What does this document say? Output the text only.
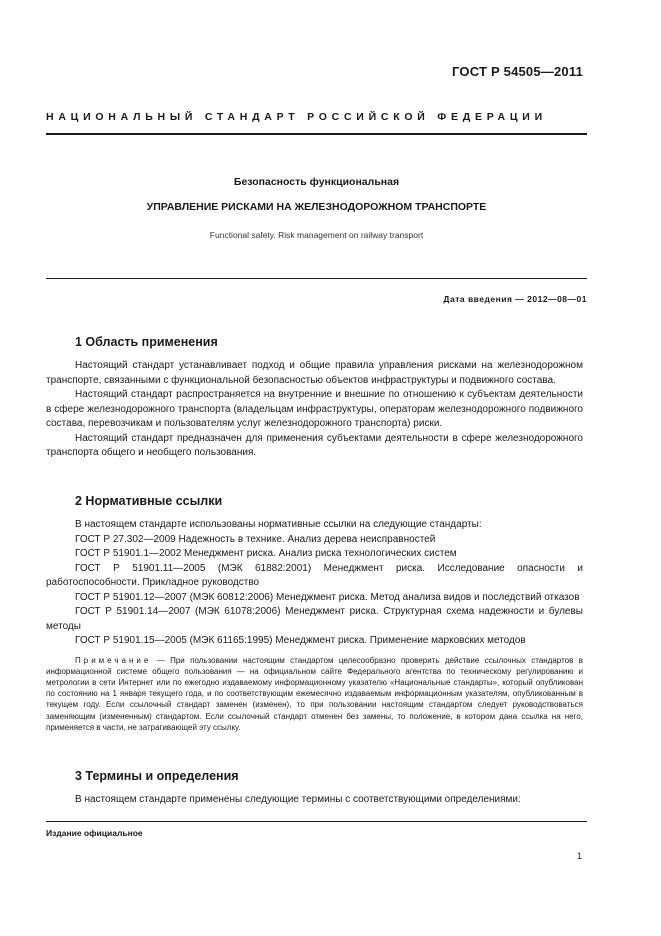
ГОСТ Р 54505—2011
НАЦИОНАЛЬНЫЙ СТАНДАРТ РОССИЙСКОЙ ФЕДЕРАЦИИ
Безопасность функциональная
УПРАВЛЕНИЕ РИСКАМИ НА ЖЕЛЕЗНОДОРОЖНОМ ТРАНСПОРТЕ
Functional safety. Risk management on railway transport
Дата введения — 2012—08—01
1 Область применения

Настоящий стандарт устанавливает подход и общие правила управления рисками на железнодорожном транспорте, связанными с функциональной безопасностью объектов инфраструктуры и подвижного состава.

Настоящий стандарт распространяется на внутренние и внешние по отношению к субъектам деятельности в сфере железнодорожного транспорта (владельцам инфраструктуры, операторам железнодорожного подвижного состава, перевозчикам и пользователям услуг железнодорожного транспорта) риски.

Настоящий стандарт предназначен для применения субъектами деятельности в сфере железнодорожного транспорта общего и необщего пользования.

2 Нормативные ссылки

В настоящем стандарте использованы нормативные ссылки на следующие стандарты:

ГОСТ Р 27.302—2009 Надежность в технике. Анализ дерева неисправностей

ГОСТ Р 51901.1—2002 Менеджмент риска. Анализ риска технологических систем

ГОСТ Р 51901.11—2005 (МЭК 61882:2001) Менеджмент риска. Исследование опасности и работоспособности. Прикладное руководство

ГОСТ Р 51901.12—2007 (МЭК 60812:2006) Менеджмент риска. Метод анализа видов и последствий отказов

ГОСТ Р 51901.14—2007 (МЭК 61078:2006) Менеджмент риска. Структурная схема надежности и булевы методы

ГОСТ Р 51901.15—2005 (МЭК 61165:1995) Менеджмент риска. Применение марковских методов

Примечание — При пользовании настоящим стандартом целесообразно проверить действие ссылочных стандартов в информационной системе общего пользования — на официальном сайте Федерального агентства по техническому регулированию и метрологии в сети Интернет или по ежегодно издаваемому информационному указателю «Национальные стандарты», который опубликован по состоянию на 1 января текущего года, и по соответствующим ежемесячно издаваемым информационным указателям, опубликованным в текущем году. Если ссылочный стандарт заменен (изменен), то при пользовании настоящим стандартом следует руководствоваться заменяющим (измененным) стандартом. Если ссылочный стандарт отменен без замены, то положение, в котором дана ссылка на него, применяется в части, не затрагивающей эту ссылку.

3 Термины и определения

В настоящем стандарте применены следующие термины с соответствующими определениями:

Издание официальное
1
